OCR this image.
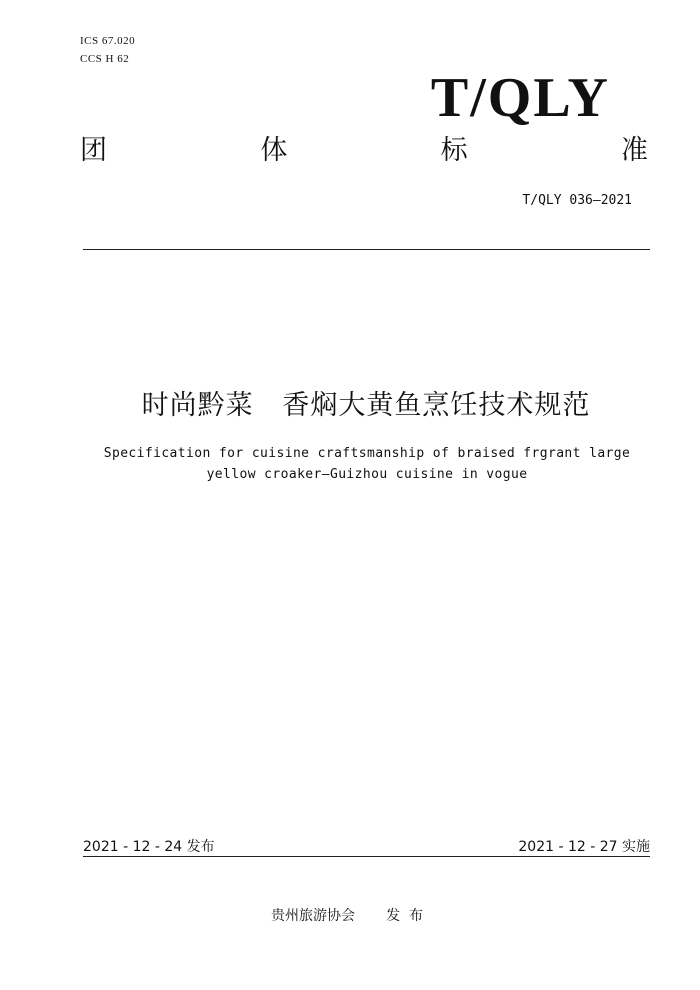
ICS 67.020
CCS H 62
T/QLY
团	体	标	准
T/QLY 036—2021
时尚黔菜   香焖大黄鱼烹饪技术规范
Specification for cuisine craftsmanship of braised frgrant large yellow croaker—Guizhou cuisine in vogue
2021 - 12 - 24 发布	2021 - 12 - 27 实施
贵州旅游协会       发  布
